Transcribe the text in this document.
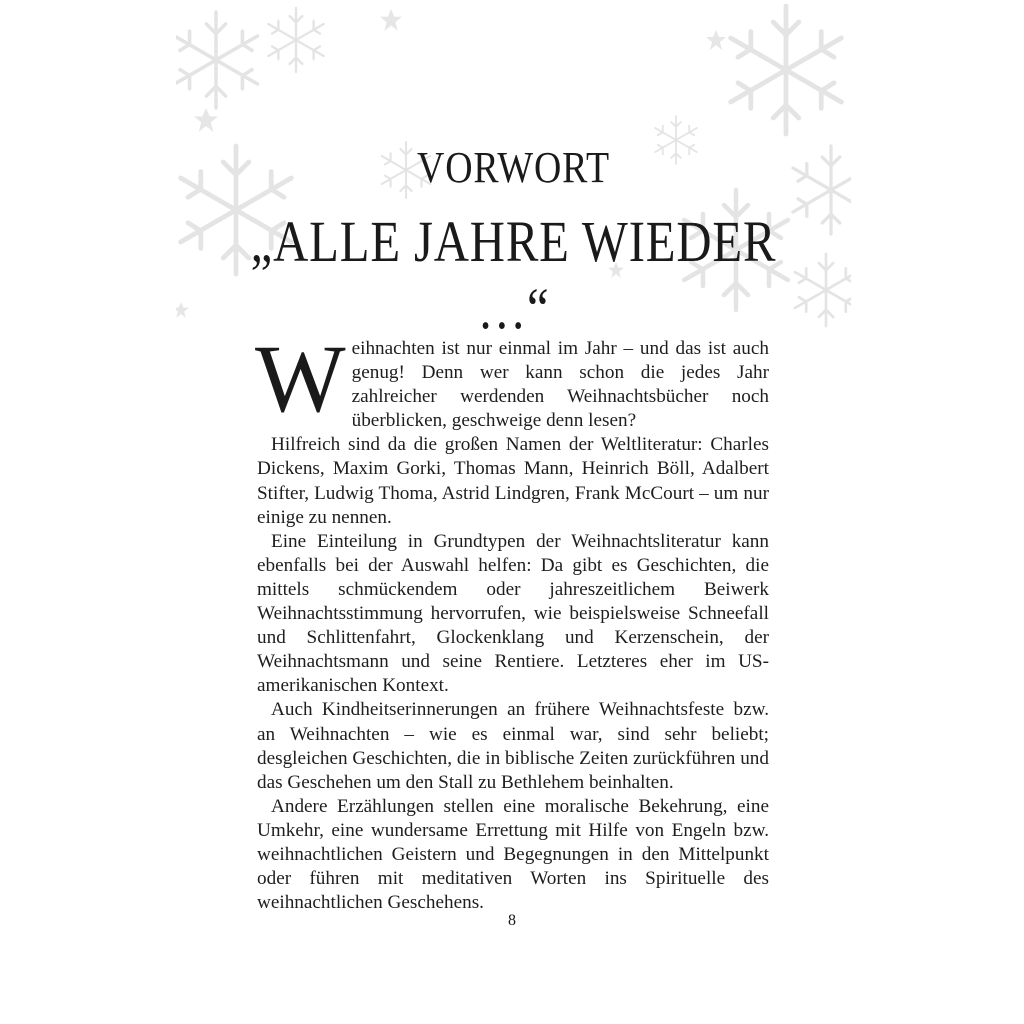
VORWORT
„ALLE JAHRE WIEDER …“

Weihnachten ist nur einmal im Jahr – und das ist auch genug! Denn wer kann schon die jedes Jahr zahlreicher werdenden Weihnachtsbücher noch überblicken, geschweige denn lesen?

Hilfreich sind da die großen Namen der Weltliteratur: Charles Dickens, Maxim Gorki, Thomas Mann, Heinrich Böll, Adalbert Stifter, Ludwig Thoma, Astrid Lindgren, Frank McCourt – um nur einige zu nennen.

Eine Einteilung in Grundtypen der Weihnachtsliteratur kann ebenfalls bei der Auswahl helfen: Da gibt es Geschichten, die mittels schmückendem oder jahreszeitlichem Beiwerk Weihnachtsstimmung hervorrufen, wie beispielsweise Schneefall und Schlittenfahrt, Glockenklang und Kerzenschein, der Weihnachtsmann und seine Rentiere. Letzteres eher im US-amerikanischen Kontext.

Auch Kindheitserinnerungen an frühere Weihnachtsfeste bzw. an Weihnachten – wie es einmal war, sind sehr beliebt; desgleichen Geschichten, die in biblische Zeiten zurückführen und das Geschehen um den Stall zu Bethlehem beinhalten.

Andere Erzählungen stellen eine moralische Bekehrung, eine Umkehr, eine wundersame Errettung mit Hilfe von Engeln bzw. weihnachtlichen Geistern und Begegnungen in den Mittelpunkt oder führen mit meditativen Worten ins Spirituelle des weihnachtlichen Geschehens.

8
